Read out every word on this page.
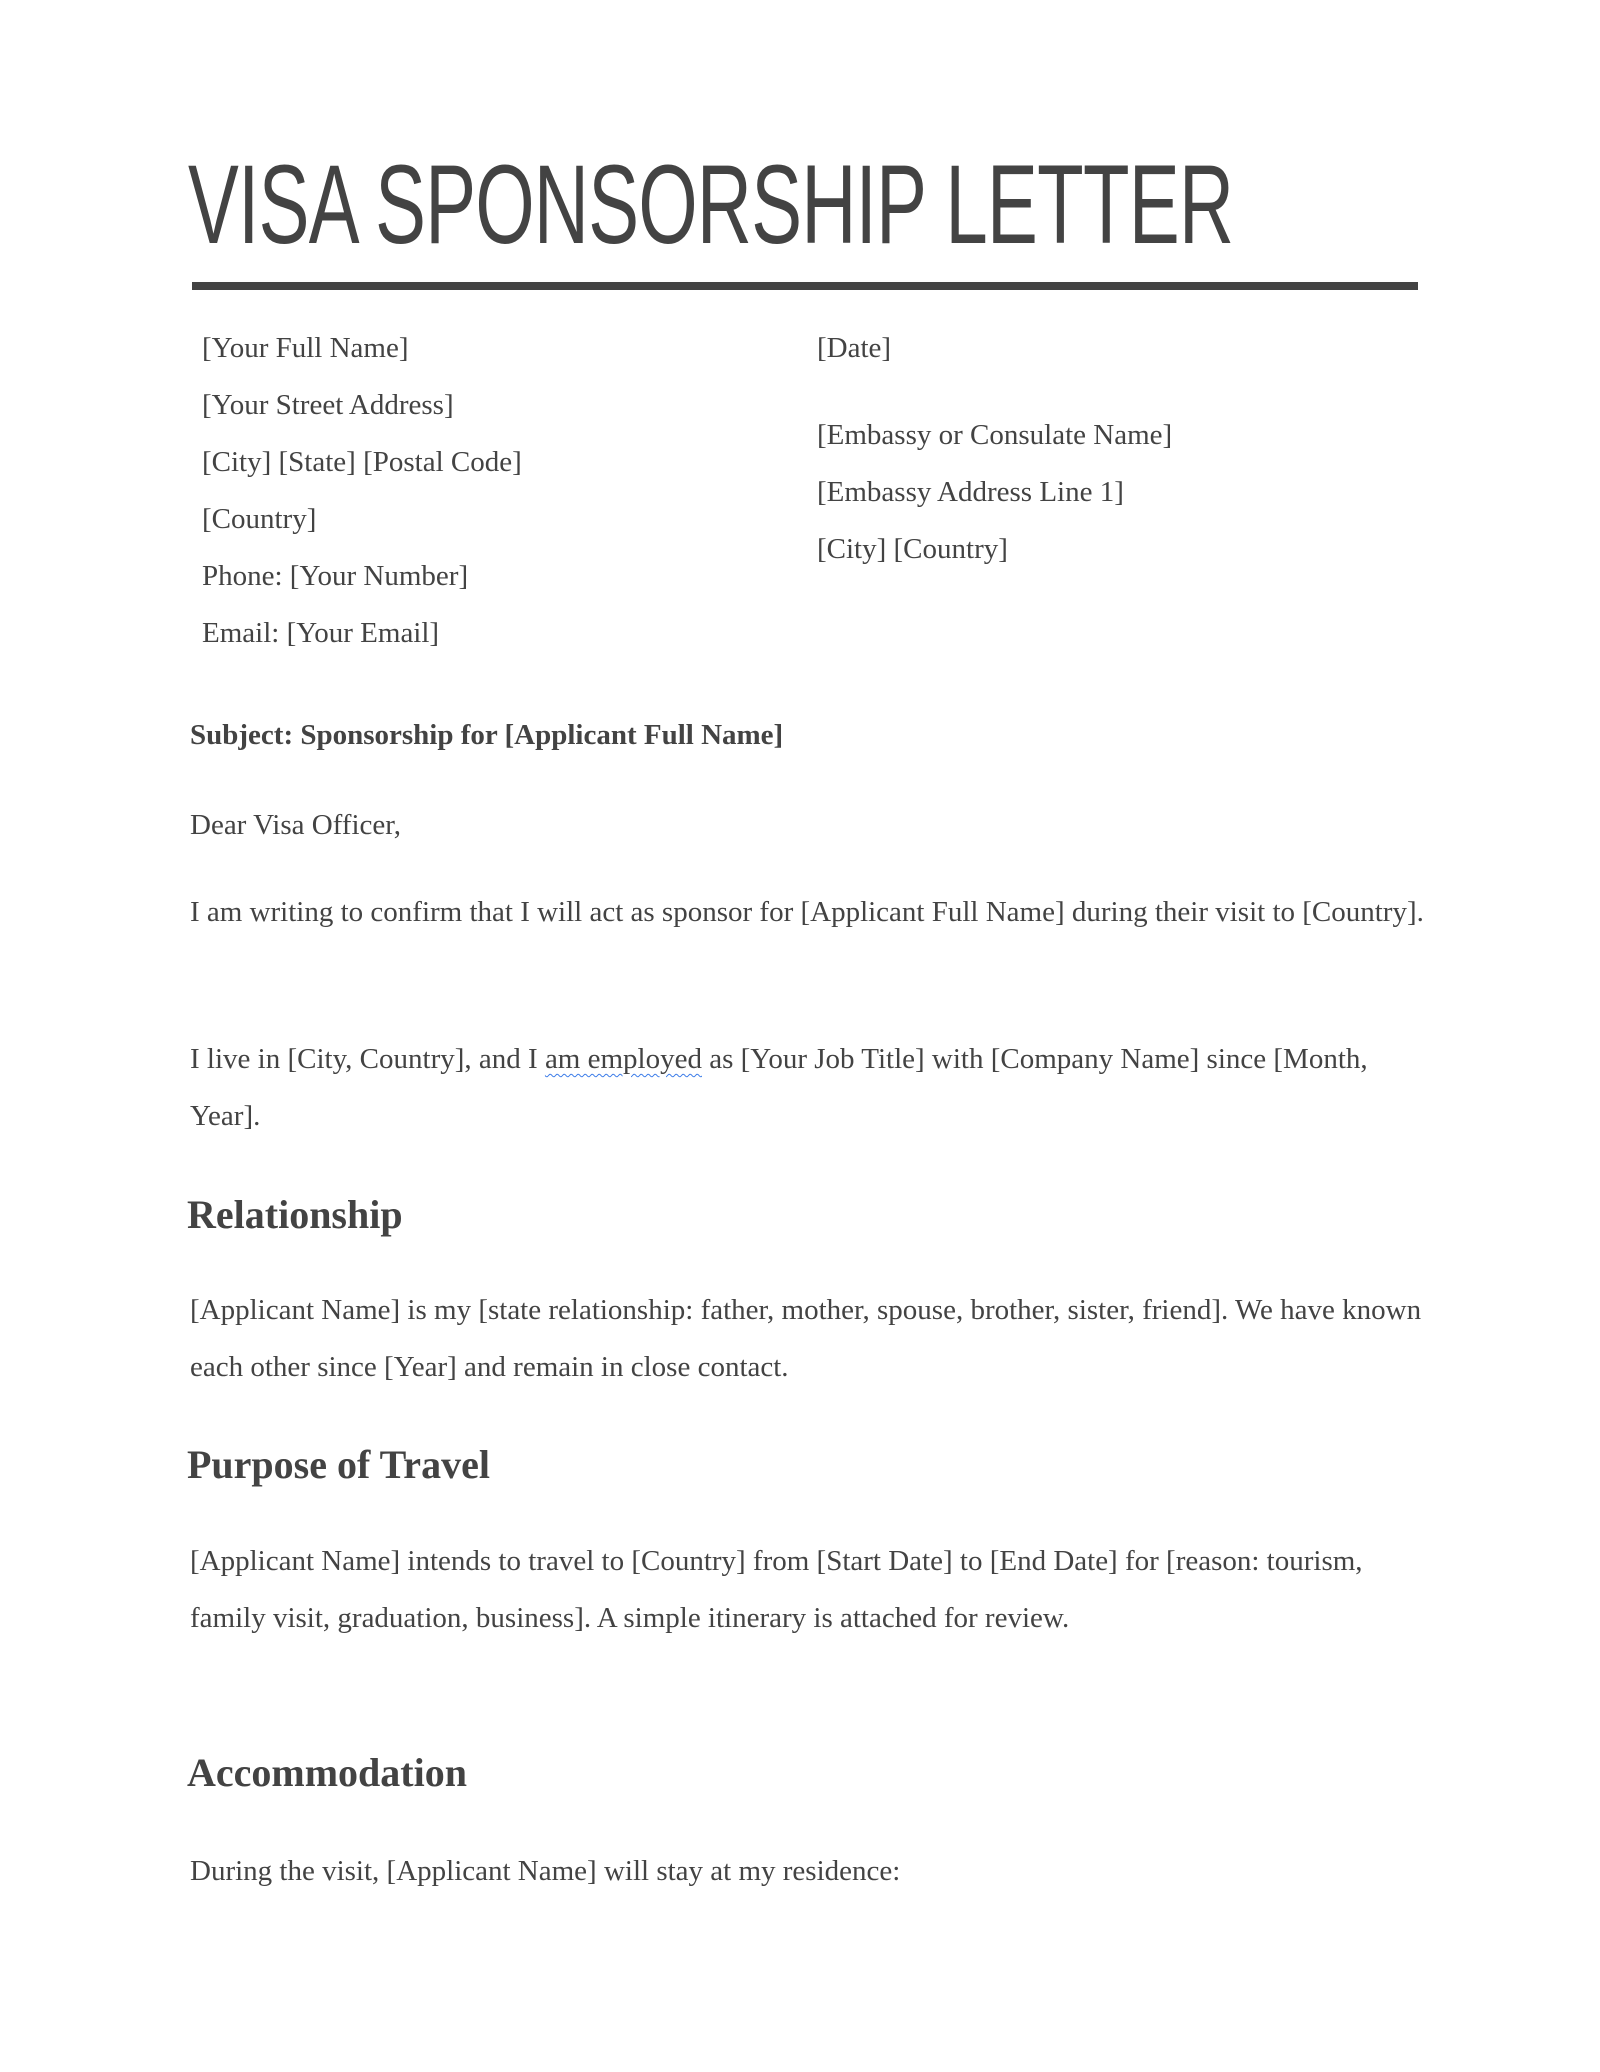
VISA SPONSORSHIP LETTER
[Your Full Name]
[Your Street Address]
[City] [State] [Postal Code]
[Country]
Phone: [Your Number]
Email: [Your Email]
[Date]
[Embassy or Consulate Name]
[Embassy Address Line 1]
[City] [Country]
Subject: Sponsorship for [Applicant Full Name]
Dear Visa Officer,
I am writing to confirm that I will act as sponsor for [Applicant Full Name] during their visit to [Country].
I live in [City, Country], and I am employed as [Your Job Title] with [Company Name] since [Month, Year].
Relationship
[Applicant Name] is my [state relationship: father, mother, spouse, brother, sister, friend]. We have known each other since [Year] and remain in close contact.
Purpose of Travel
[Applicant Name] intends to travel to [Country] from [Start Date] to [End Date] for [reason: tourism, family visit, graduation, business]. A simple itinerary is attached for review.
Accommodation
During the visit, [Applicant Name] will stay at my residence:
